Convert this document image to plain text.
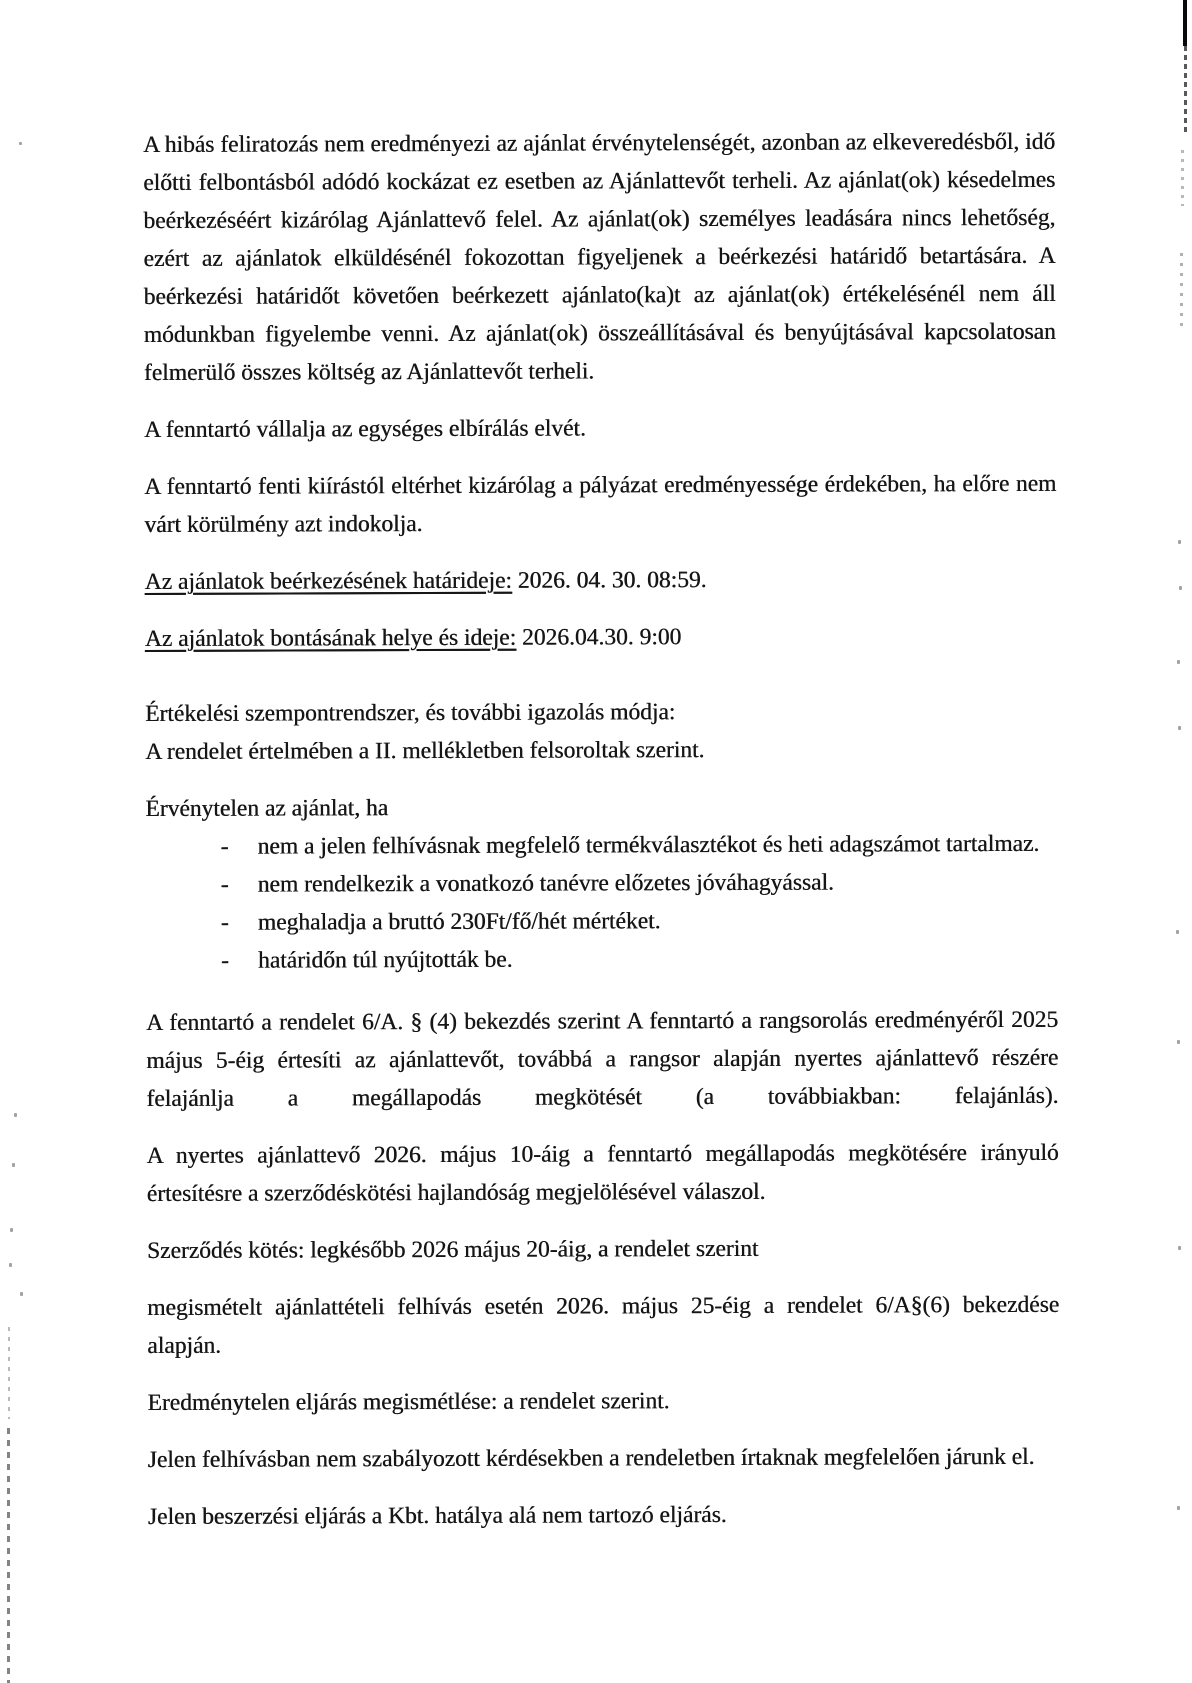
A hibás feliratozás nem eredményezi az ajánlat érvénytelenségét, azonban az elkeveredésből, idő előtti felbontásból adódó kockázat ez esetben az Ajánlattevőt terheli. Az ajánlat(ok) késedelmes beérkezéséért kizárólag Ajánlattevő felel. Az ajánlat(ok) személyes leadására nincs lehetőség, ezért az ajánlatok elküldésénél fokozottan figyeljenek a beérkezési határidő betartására. A beérkezési határidőt követően beérkezett ajánlato(ka)t az ajánlat(ok) értékelésénél nem áll módunkban figyelembe venni. Az ajánlat(ok) összeállításával és benyújtásával kapcsolatosan felmerülő összes költség az Ajánlattevőt terheli.

A fenntartó vállalja az egységes elbírálás elvét.

A fenntartó fenti kiírástól eltérhet kizárólag a pályázat eredményessége érdekében, ha előre nem várt körülmény azt indokolja.

Az ajánlatok beérkezésének határideje: 2026. 04. 30. 08:59.

Az ajánlatok bontásának helye és ideje: 2026.04.30. 9:00

Értékelési szempontrendszer, és további igazolás módja:

A rendelet értelmében a II. mellékletben felsoroltak szerint.

Érvénytelen az ajánlat, ha

-	nem a jelen felhívásnak megfelelő termékválasztékot és heti adagszámot tartalmaz.
-	nem rendelkezik a vonatkozó tanévre előzetes jóváhagyással.
-	meghaladja a bruttó 230Ft/fő/hét mértéket.
-	határidőn túl nyújtották be.

A fenntartó a rendelet 6/A. § (4) bekezdés szerint A fenntartó a rangsorolás eredményéről 2025 május 5-éig értesíti az ajánlattevőt, továbbá a rangsor alapján nyertes ajánlattevő részére felajánlja a megállapodás megkötését (a továbbiakban: felajánlás).

A nyertes ajánlattevő 2026. május 10-áig a fenntartó megállapodás megkötésére irányuló értesítésre a szerződéskötési hajlandóság megjelölésével válaszol.

Szerződés kötés: legkésőbb 2026 május 20-áig, a rendelet szerint

megismételt ajánlattételi felhívás esetén 2026. május 25-éig a rendelet 6/A§(6) bekezdése alapján.

Eredménytelen eljárás megismétlése: a rendelet szerint.

Jelen felhívásban nem szabályozott kérdésekben a rendeletben írtaknak megfelelően járunk el.

Jelen beszerzési eljárás a Kbt. hatálya alá nem tartozó eljárás.
